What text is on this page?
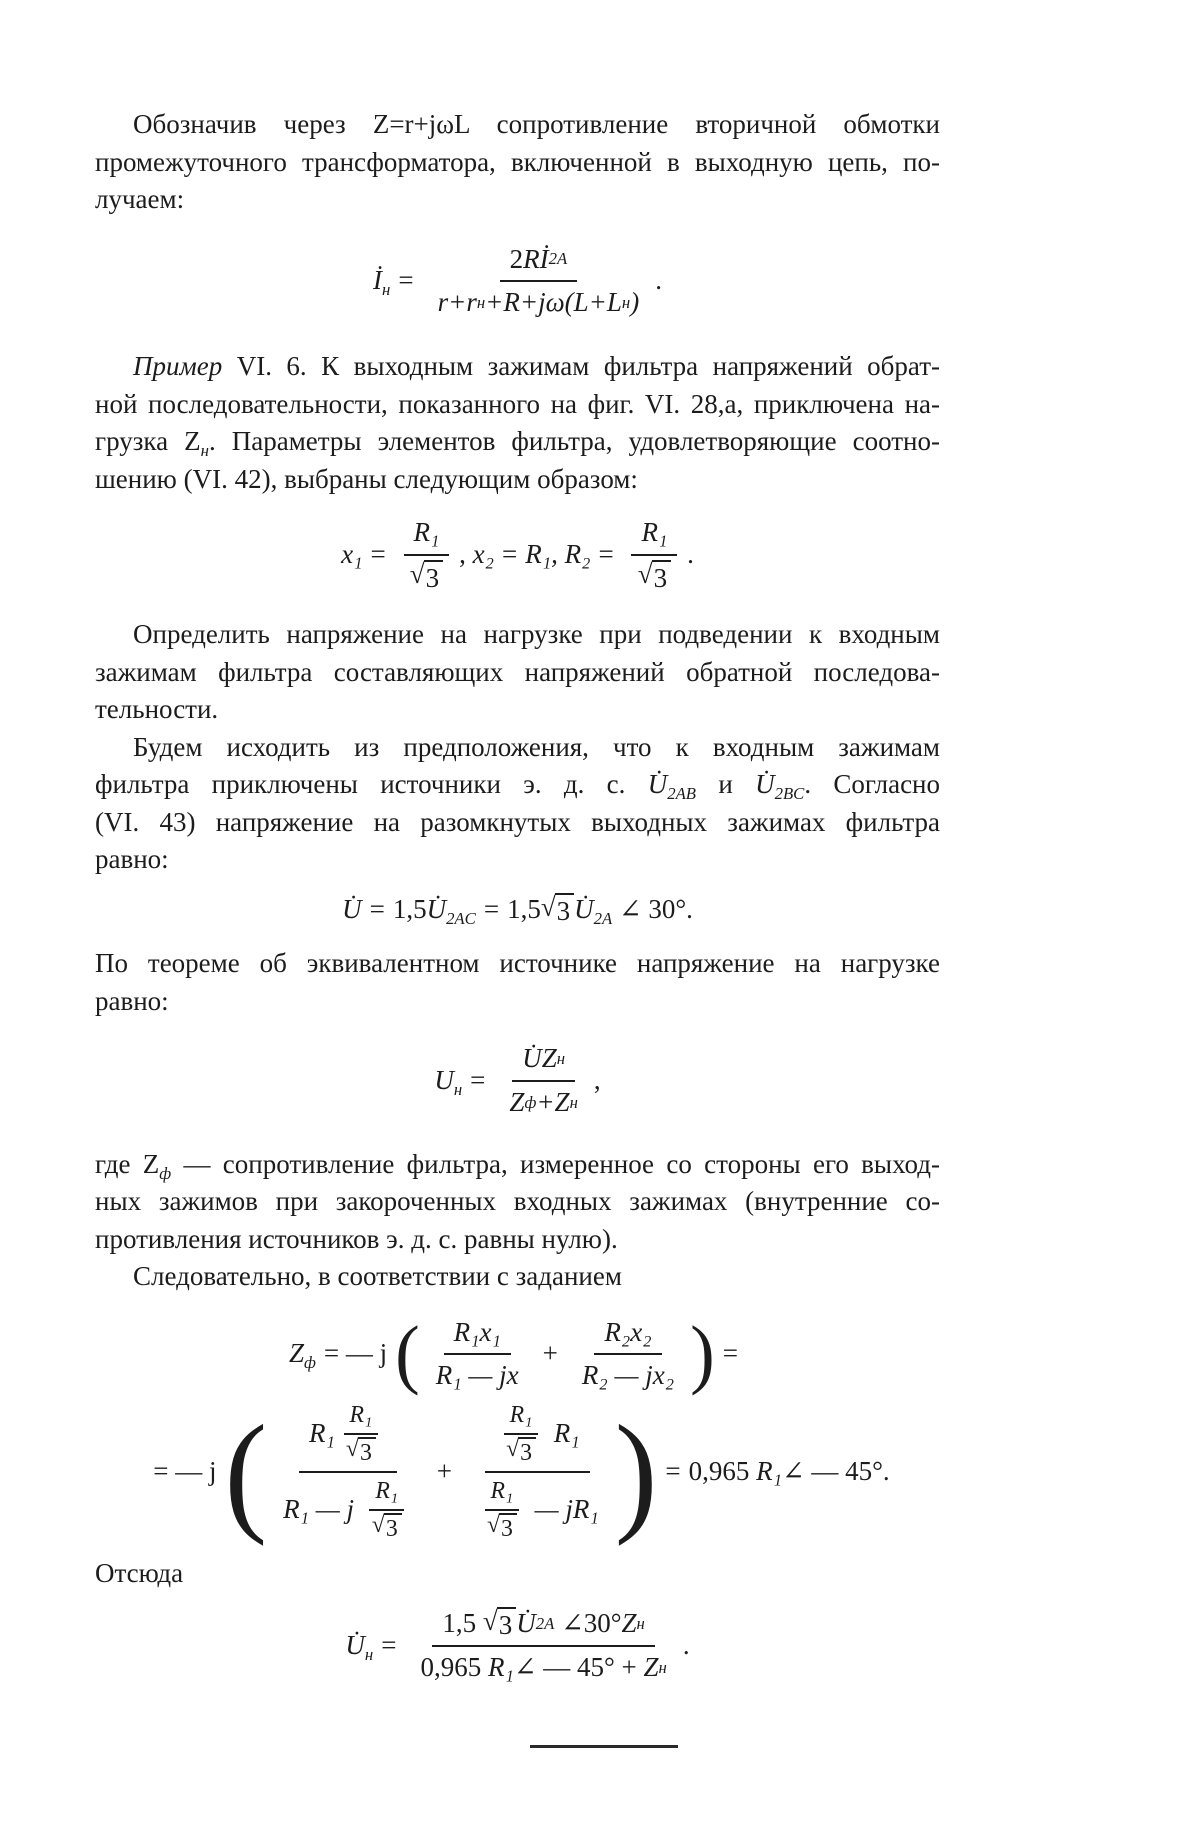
Обозначив через Z=r+jωL сопротивление вторичной обмотки
промежуточного трансформатора, включенной в выходную цепь, по-
лучаем:
$İ_н = \frac{2 Rİ 2A}{\text{r+r н +R+jω(L+L н )}}$ .
Пример VI. 6. К выходным зажимам фильтра напряжений обрат-
ной последовательности, показанного на фиг. VI. 28,а, приключена на-
грузка $Z_н$. Параметры элементов фильтра, удовлетворяющие соотно-
шению (VI. 42), выбраны следующим образом:
$x_1 = \frac{\text{R₁}}{√ 3}$ ,
x₂ = R₁,
$R_2 = \frac{\text{R₁}}{√ 3}$ .
Определить напряжение на нагрузке при подведении к входным
зажимам фильтра составляющих напряжений обратной последова-
тельности.
Будем исходить из предположения, что к входным зажимам
фильтра приключены источники э. д. с. $U̇_{2AB}$ и $U̇_{2BC}$. Согласно
(VI. 43) напряжение на разомкнутых выходных зажимах фильтра
равно:
U̇ = $1,5U̇_{2AC} = 1,5$ √ 3 $U̇_{2A}$ ∠ 30°.
По теореме об эквивалентном источнике напряжение на нагрузке
равно:
$U_н = \frac{\text{U̇Z н}}{\text{Z ф +Z н}}$ ,
где $Z_ф$ — сопротивление фильтра, измеренное со стороны его выход-
ных зажимов при закороченных входных зажимах (внутренние со-
противления источников э. д. с. равны нулю).
Следовательно, в соответствии с заданием
$Z_ф$ = — j ( $\frac{\text{R₁x₁}}{\text{R₁ — jx}} + \frac{\text{R₂x₂}}{\text{R₂ — jx₂}}$ ) =
= — j ( $\frac{R_1 \frac{\text{R₁}}{√ 3}}{R_1 — j \frac{\text{R₁}}{√ 3}} + \frac{\frac{\text{R₁}}{√ 3} R_1}{\frac{\text{R₁}}{√ 3} — jR_1}$ ) = 0,965 R₁∠ — 45°.
Отсюда
$U̇_н = \frac{\text{1,5 √ 3 U̇ 2A ∠30° Z н}}{\text{0,965 R₁ ∠ — 45° + Z н}}$ .
